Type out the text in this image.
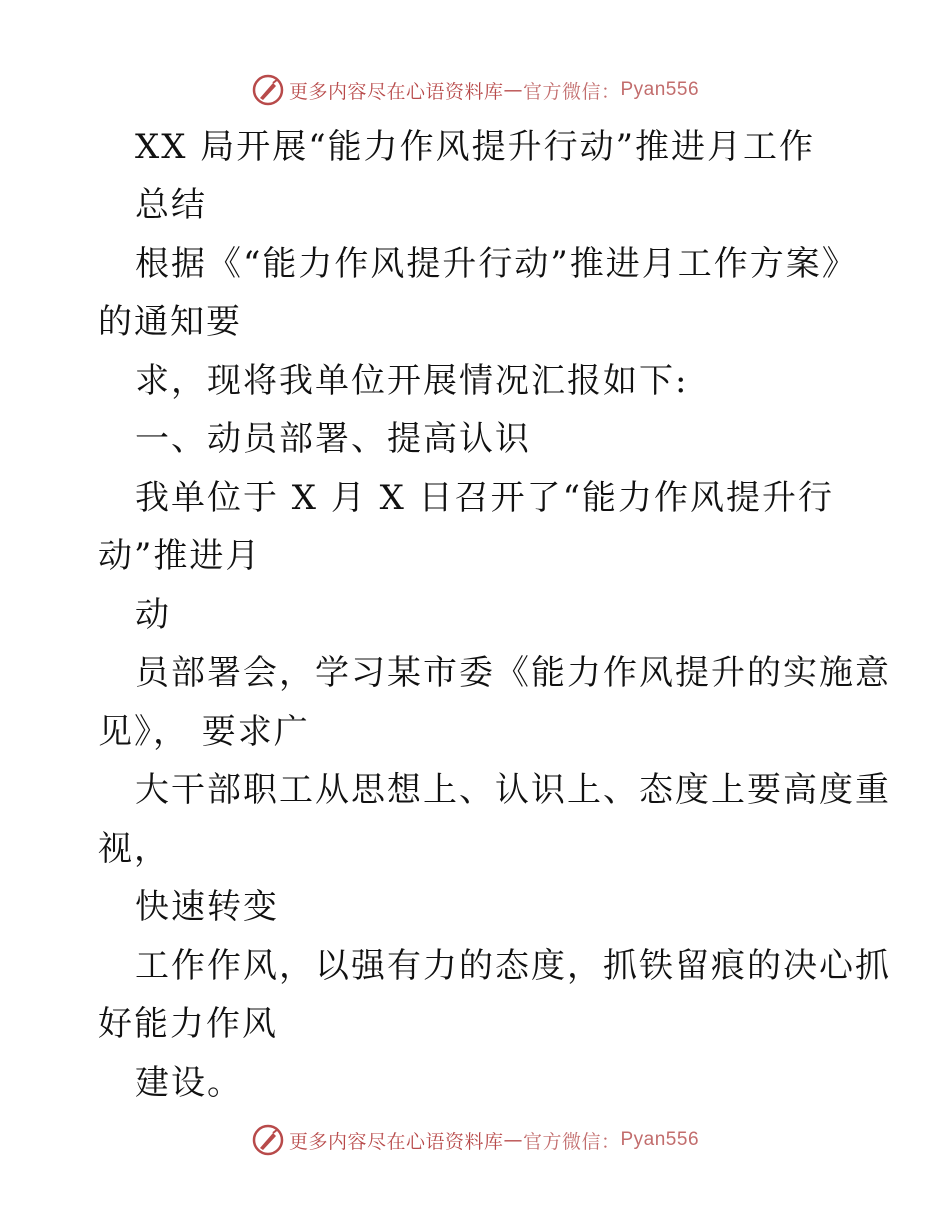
更多内容尽在心语资料库 — 官方微信： Pyan556
XX 局开展“能力作风提升行动”推进月工作
总结
根据《“能力作风提升行动”推进月工作方案》
的通知要
求，现将我单位开展情况汇报如下:
一、动员部署、提高认识
我单位于 X 月 X 日召开了“能力作风提升行
动”推进月
动
员部署会，学习某市委《能力作风提升的实施意
见》， 要求广
大干部职工从思想上、认识上、态度上要高度重
视，
快速转变
工作作风，以强有力的态度，抓铁留痕的决心抓
好能力作风
建设。
更多内容尽在心语资料库 — 官方微信： Pyan556
